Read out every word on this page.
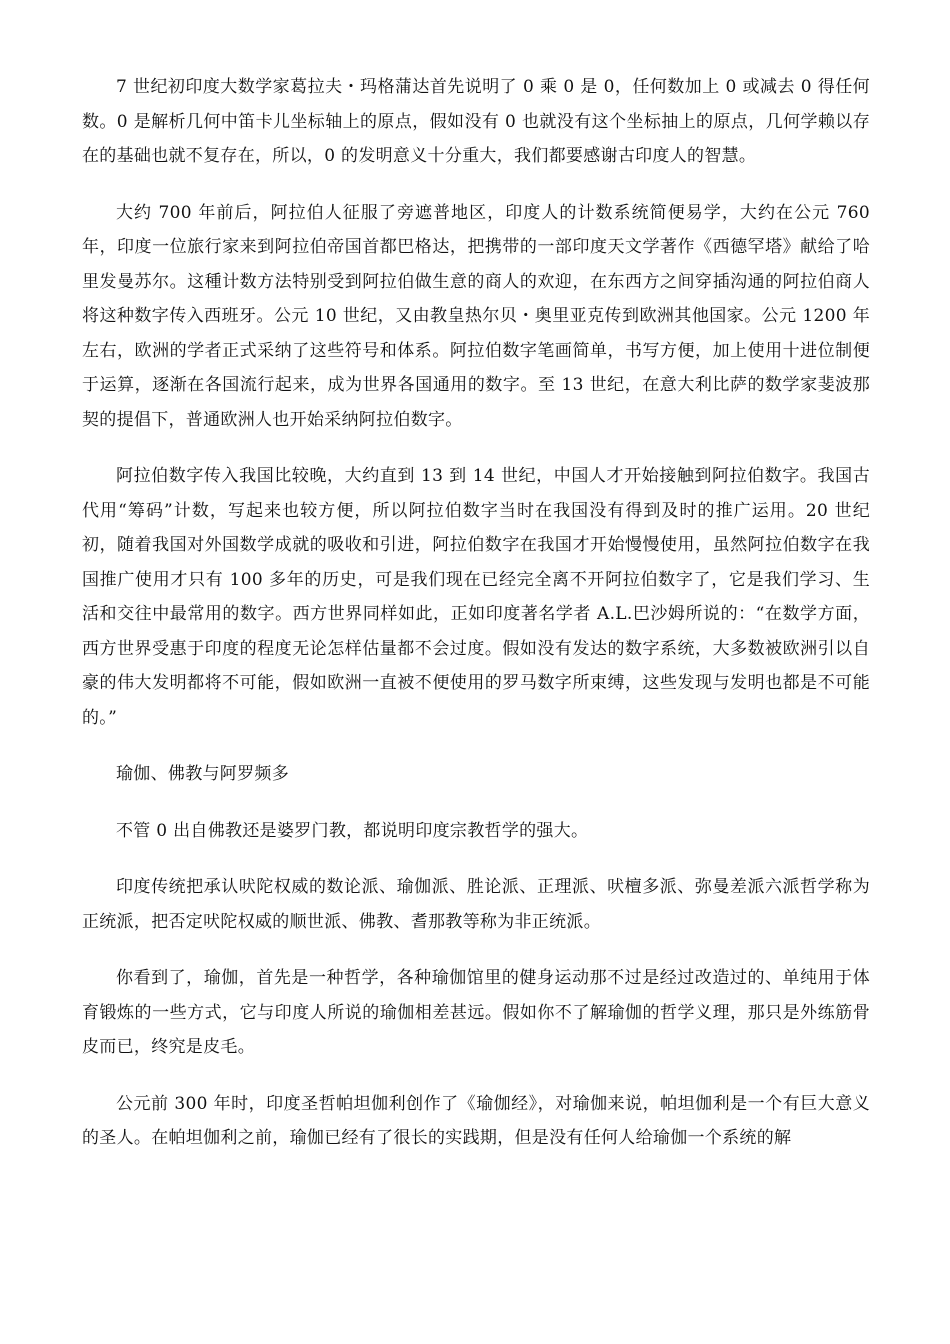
7 世纪初印度大数学家葛拉夫・玛格蒲达首先说明了 0 乘 0 是 0，任何数加上 0 或减去 0 得任何数。0 是解析几何中笛卡儿坐标轴上的原点，假如没有 0 也就没有这个坐标抽上的原点，几何学赖以存在的基础也就不复存在，所以，0 的发明意义十分重大，我们都要感谢古印度人的智慧。

大约 700 年前后，阿拉伯人征服了旁遮普地区，印度人的计数系统简便易学，大约在公元 760 年，印度一位旅行家来到阿拉伯帝国首都巴格达，把携带的一部印度天文学著作《西德罕塔》献给了哈里发曼苏尔。这種计数方法特别受到阿拉伯做生意的商人的欢迎，在东西方之间穿插沟通的阿拉伯商人将这种数字传入西班牙。公元 10 世纪，又由教皇热尔贝・奥里亚克传到欧洲其他国家。公元 1200 年左右，欧洲的学者正式采纳了这些符号和体系。阿拉伯数字笔画简单，书写方便，加上使用十进位制便于运算，逐渐在各国流行起来，成为世界各国通用的数字。至 13 世纪，在意大利比萨的数学家斐波那契的提倡下，普通欧洲人也开始采纳阿拉伯数字。

阿拉伯数字传入我国比较晚，大约直到 13 到 14 世纪，中国人才开始接触到阿拉伯数字。我国古代用“筹码”计数，写起来也较方便，所以阿拉伯数字当时在我国没有得到及时的推广运用。20 世纪初，随着我国对外国数学成就的吸收和引进，阿拉伯数字在我国才开始慢慢使用，虽然阿拉伯数字在我国推广使用才只有 100 多年的历史，可是我们现在已经完全离不开阿拉伯数字了，它是我们学习、生活和交往中最常用的数字。西方世界同样如此，正如印度著名学者 A.L.巴沙姆所说的：“在数学方面，西方世界受惠于印度的程度无论怎样估量都不会过度。假如没有发达的数字系统，大多数被欧洲引以自豪的伟大发明都将不可能，假如欧洲一直被不便使用的罗马数字所束缚，这些发现与发明也都是不可能的。”

瑜伽、佛教与阿罗频多

不管 0 出自佛教还是婆罗门教，都说明印度宗教哲学的强大。

印度传统把承认吠陀权威的数论派、瑜伽派、胜论派、正理派、吠檀多派、弥曼差派六派哲学称为正统派，把否定吠陀权威的顺世派、佛教、耆那教等称为非正统派。

你看到了，瑜伽，首先是一种哲学，各种瑜伽馆里的健身运动那不过是经过改造过的、单纯用于体育锻炼的一些方式，它与印度人所说的瑜伽相差甚远。假如你不了解瑜伽的哲学义理，那只是外练筋骨皮而已，终究是皮毛。

公元前 300 年时，印度圣哲帕坦伽利创作了《瑜伽经》，对瑜伽来说，帕坦伽利是一个有巨大意义的圣人。在帕坦伽利之前，瑜伽已经有了很长的实践期，但是没有任何人给瑜伽一个系统的解
